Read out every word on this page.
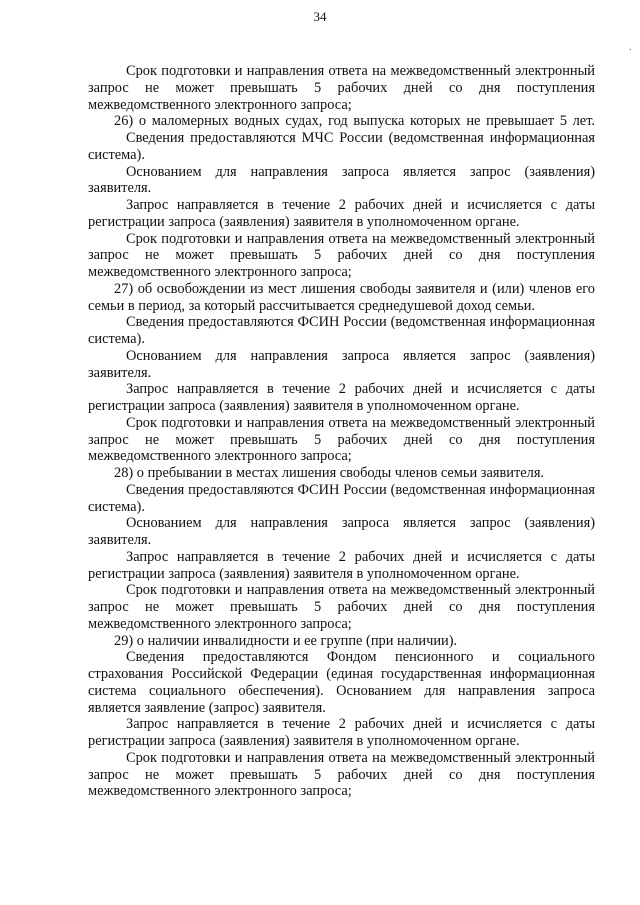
34
·

Срок подготовки и направления ответа на межведомственный электронный запрос не может превышать 5 рабочих дней со дня поступления межведомственного электронного запроса;

26) о маломерных водных судах, год выпуска которых не превышает 5 лет.

Сведения предоставляются МЧС России (ведомственная информационная система).

Основанием для направления запроса является запрос (заявления) заявителя.

Запрос направляется в течение 2 рабочих дней и исчисляется с даты регистрации запроса (заявления) заявителя в уполномоченном органе.

Срок подготовки и направления ответа на межведомственный электронный запрос не может превышать 5 рабочих дней со дня поступления межведомственного электронного запроса;

27) об освобождении из мест лишения свободы заявителя и (или) членов его семьи в период, за который рассчитывается среднедушевой доход семьи.

Сведения предоставляются ФСИН России (ведомственная информационная система).

Основанием для направления запроса является запрос (заявления) заявителя.

Запрос направляется в течение 2 рабочих дней и исчисляется с даты регистрации запроса (заявления) заявителя в уполномоченном органе.

Срок подготовки и направления ответа на межведомственный электронный запрос не может превышать 5 рабочих дней со дня поступления межведомственного электронного запроса;

28) о пребывании в местах лишения свободы членов семьи заявителя.

Сведения предоставляются ФСИН России (ведомственная информационная система).

Основанием для направления запроса является запрос (заявления) заявителя.

Запрос направляется в течение 2 рабочих дней и исчисляется с даты регистрации запроса (заявления) заявителя в уполномоченном органе.

Срок подготовки и направления ответа на межведомственный электронный запрос не может превышать 5 рабочих дней со дня поступления межведомственного электронного запроса;

29) о наличии инвалидности и ее группе (при наличии).

Сведения предоставляются Фондом пенсионного и социального страхования Российской Федерации (единая государственная информационная система социального обеспечения). Основанием для направления запроса является заявление (запрос) заявителя.

Запрос направляется в течение 2 рабочих дней и исчисляется с даты регистрации запроса (заявления) заявителя в уполномоченном органе.

Срок подготовки и направления ответа на межведомственный электронный запрос не может превышать 5 рабочих дней со дня поступления межведомственного электронного запроса;
